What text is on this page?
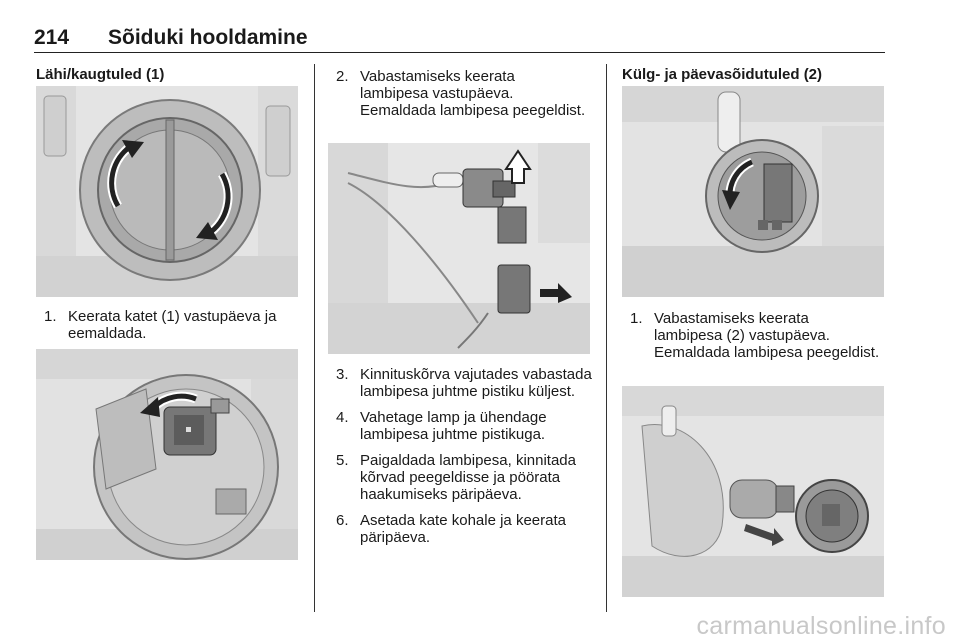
214 Sõiduki hooldamine
Lähi/kaugtuled (1)
1. Keerata katet (1) vastupäeva ja eemaldada.
2. Vabastamiseks keerata lambipesa vastupäeva. Eemaldada lambipesa peegeldist.
3. Kinnituskõrva vajutades vabastada lambipesa juhtme pistiku küljest.
4. Vahetage lamp ja ühendage lambipesa juhtme pistikuga.
5. Paigaldada lambipesa, kinnitada kõrvad peegeldisse ja pöörata haakumiseks päripäeva.
6. Asetada kate kohale ja keerata päripäeva.
Külg- ja päevasõidutuled (2)
1. Vabastamiseks keerata lambipesa (2) vastupäeva. Eemaldada lambipesa peegeldist.
carmanualsonline.info
